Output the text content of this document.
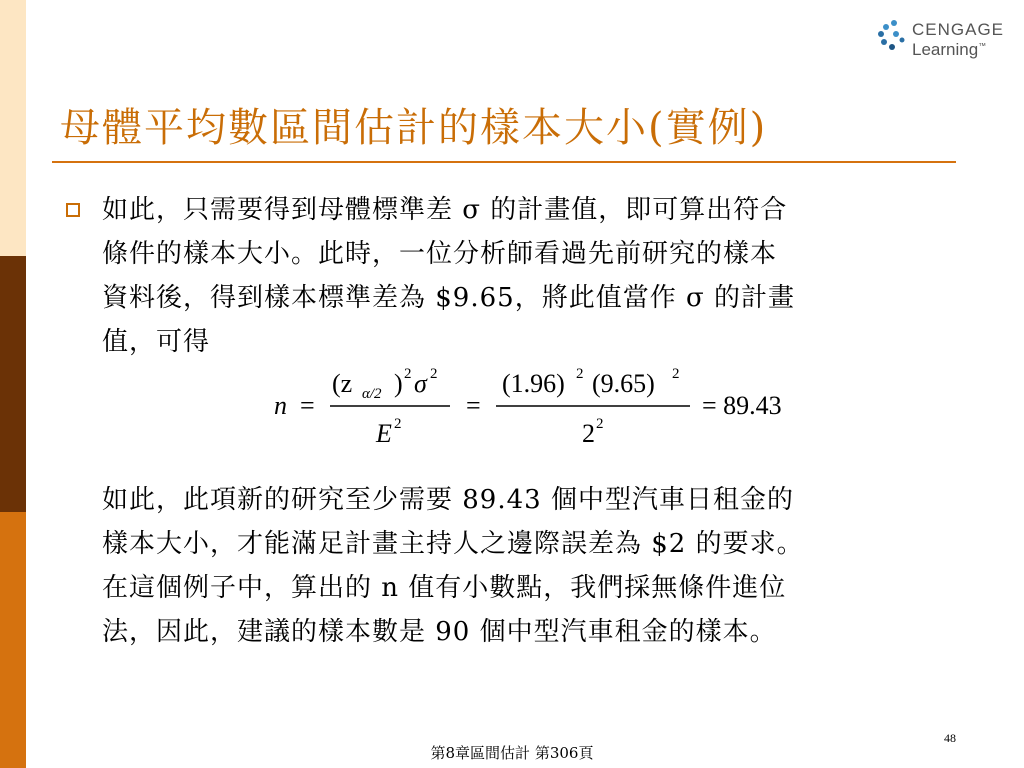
CENGAGE
Learning™
母體平均數區間估計的樣本大小(實例)
如此，只需要得到母體標準差 σ 的計畫值，即可算出符合
條件的樣本大小。此時，一位分析師看過先前研究的樣本
資料後，得到樣本標準差為 $9.65，將此值當作 σ 的計畫
值，可得
n =
(z α/2 ) 2 σ 2
E 2
=
(1.96) 2 (9.65) 2
2 2
= 89.43
如此，此項新的研究至少需要 89.43 個中型汽車日租金的
樣本大小，才能滿足計畫主持人之邊際誤差為 $2 的要求。
在這個例子中，算出的 n 值有小數點，我們採無條件進位
法，因此，建議的樣本數是 90 個中型汽車租金的樣本。
48
第8章區間估計 第306頁
